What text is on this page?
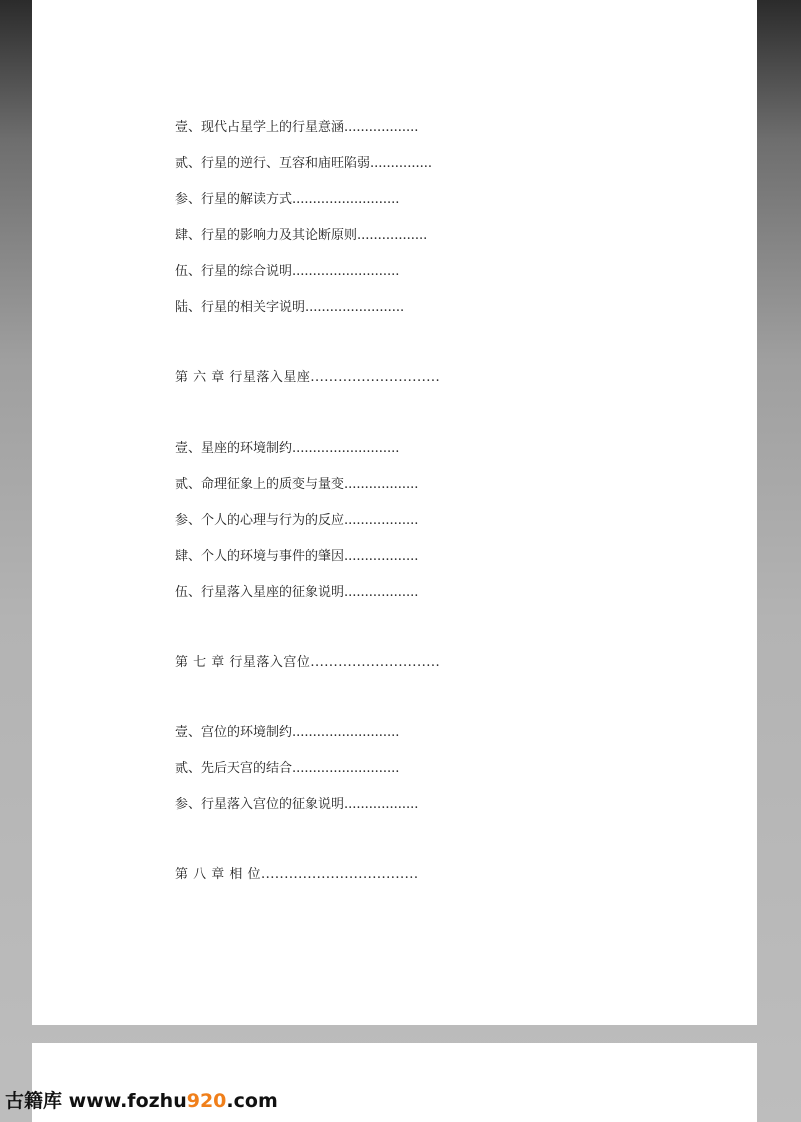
壹、现代占星学上的行星意涵..................
贰、行星的逆行、互容和庙旺陷弱...............
参、行星的解读方式..........................
肆、行星的影响力及其论断原则.................
伍、行星的综合说明..........................
陆、行星的相关字说明........................
第 六 章 行星落入星座............................
壹、星座的环境制约..........................
贰、命理征象上的质变与量变..................
参、个人的心理与行为的反应..................
肆、个人的环境与事件的肇因..................
伍、行星落入星座的征象说明..................
第 七 章 行星落入宫位............................
壹、宫位的环境制约..........................
贰、先后天宫的结合..........................
参、行星落入宫位的征象说明..................
第 八 章 相 位..................................
古籍库 www.fozhu920.com
